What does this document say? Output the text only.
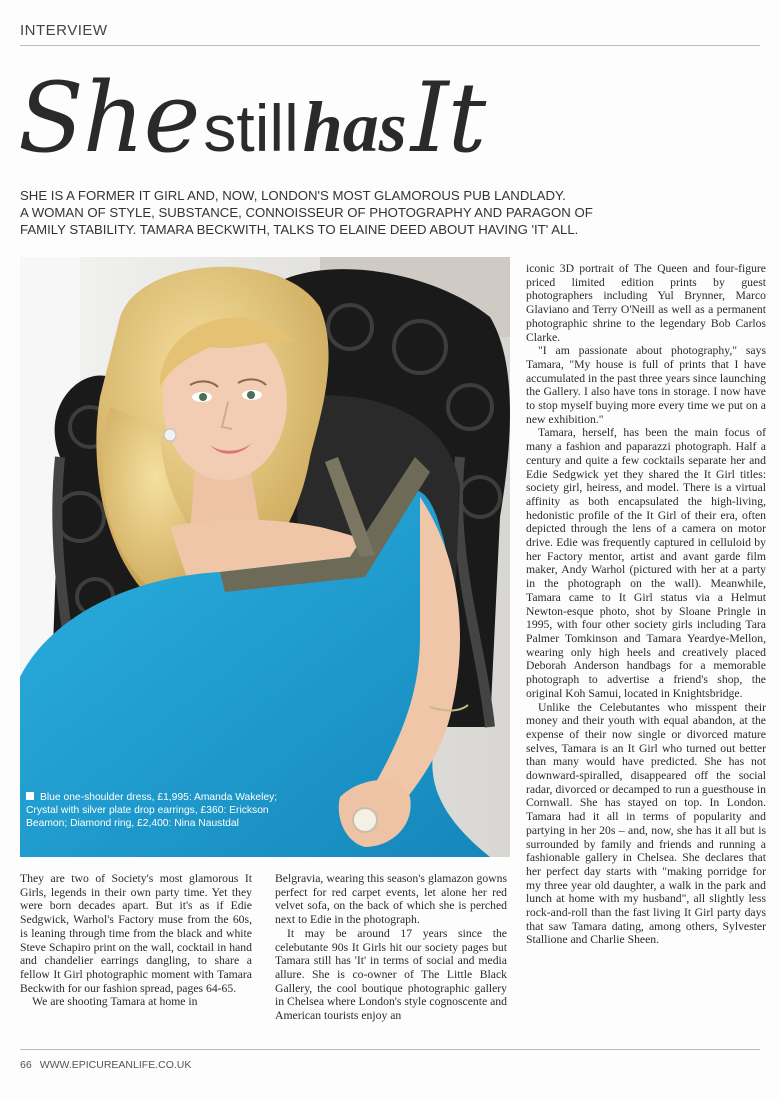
INTERVIEW
She still has It

SHE IS A FORMER IT GIRL AND, NOW, LONDON'S MOST GLAMOROUS PUB LANDLADY.

A WOMAN OF STYLE, SUBSTANCE, CONNOISSEUR OF PHOTOGRAPHY AND PARAGON OF

FAMILY STABILITY. TAMARA BECKWITH, TALKS TO ELAINE DEED ABOUT HAVING 'IT' ALL.

Blue one-shoulder dress, £1,995: Amanda Wakeley; Crystal with silver plate drop earrings, £360: Erickson Beamon; Diamond ring, £2,400: Nina Naustdal

iconic 3D portrait of The Queen and four-figure priced limited edition prints by guest photographers including Yul Brynner, Marco Glaviano and Terry O'Neill as well as a permanent photographic shrine to the legendary Bob Carlos Clarke.

"I am passionate about photography," says Tamara, "My house is full of prints that I have accumulated in the past three years since launching the Gallery. I also have tons in storage. I now have to stop myself buying more every time we put on a new exhibition."

Tamara, herself, has been the main focus of many a fashion and paparazzi photograph. Half a century and quite a few cocktails separate her and Edie Sedgwick yet they shared the It Girl titles: society girl, heiress, and model. There is a virtual affinity as both encapsulated the high-living, hedonistic profile of the It Girl of their era, often depicted through the lens of a camera on motor drive. Edie was frequently captured in celluloid by her Factory mentor, artist and avant garde film maker, Andy Warhol (pictured with her at a party in the photograph on the wall). Meanwhile, Tamara came to It Girl status via a Helmut Newton-esque photo, shot by Sloane Pringle in 1995, with four other society girls including Tara Palmer Tomkinson and Tamara Yeardye-Mellon, wearing only high heels and creatively placed Deborah Anderson handbags for a memorable photograph to advertise a friend's shop, the original Koh Samui, located in Knightsbridge.

Unlike the Celebutantes who misspent their money and their youth with equal abandon, at the expense of their now single or divorced mature selves, Tamara is an It Girl who turned out better than many would have predicted. She has not downward-spiralled, disappeared off the social radar, divorced or decamped to run a guesthouse in Cornwall. She has stayed on top. In London. Tamara had it all in terms of popularity and partying in her 20s – and, now, she has it all but is surrounded by family and friends and running a fashionable gallery in Chelsea. She declares that her perfect day starts with "making porridge for my three year old daughter, a walk in the park and lunch at home with my husband", all slightly less rock-and-roll than the fast living It Girl party days that saw Tamara dating, among others, Sylvester Stallione and Charlie Sheen.

They are two of Society's most glamorous It Girls, legends in their own party time. Yet they were born decades apart. But it's as if Edie Sedgwick, Warhol's Factory muse from the 60s, is leaning through time from the black and white Steve Schapiro print on the wall, cocktail in hand and chandelier earrings dangling, to share a fellow It Girl photographic moment with Tamara Beckwith for our fashion spread, pages 64-65.

We are shooting Tamara at home in

Belgravia, wearing this season's glamazon gowns perfect for red carpet events, let alone her red velvet sofa, on the back of which she is perched next to Edie in the photograph.

It may be around 17 years since the celebutante 90s It Girls hit our society pages but Tamara still has 'It' in terms of social and media allure. She is co-owner of The Little Black Gallery, the cool boutique photographic gallery in Chelsea where London's style cognoscente and American tourists enjoy an

66 WWW.EPICUREANLIFE.CO.UK
